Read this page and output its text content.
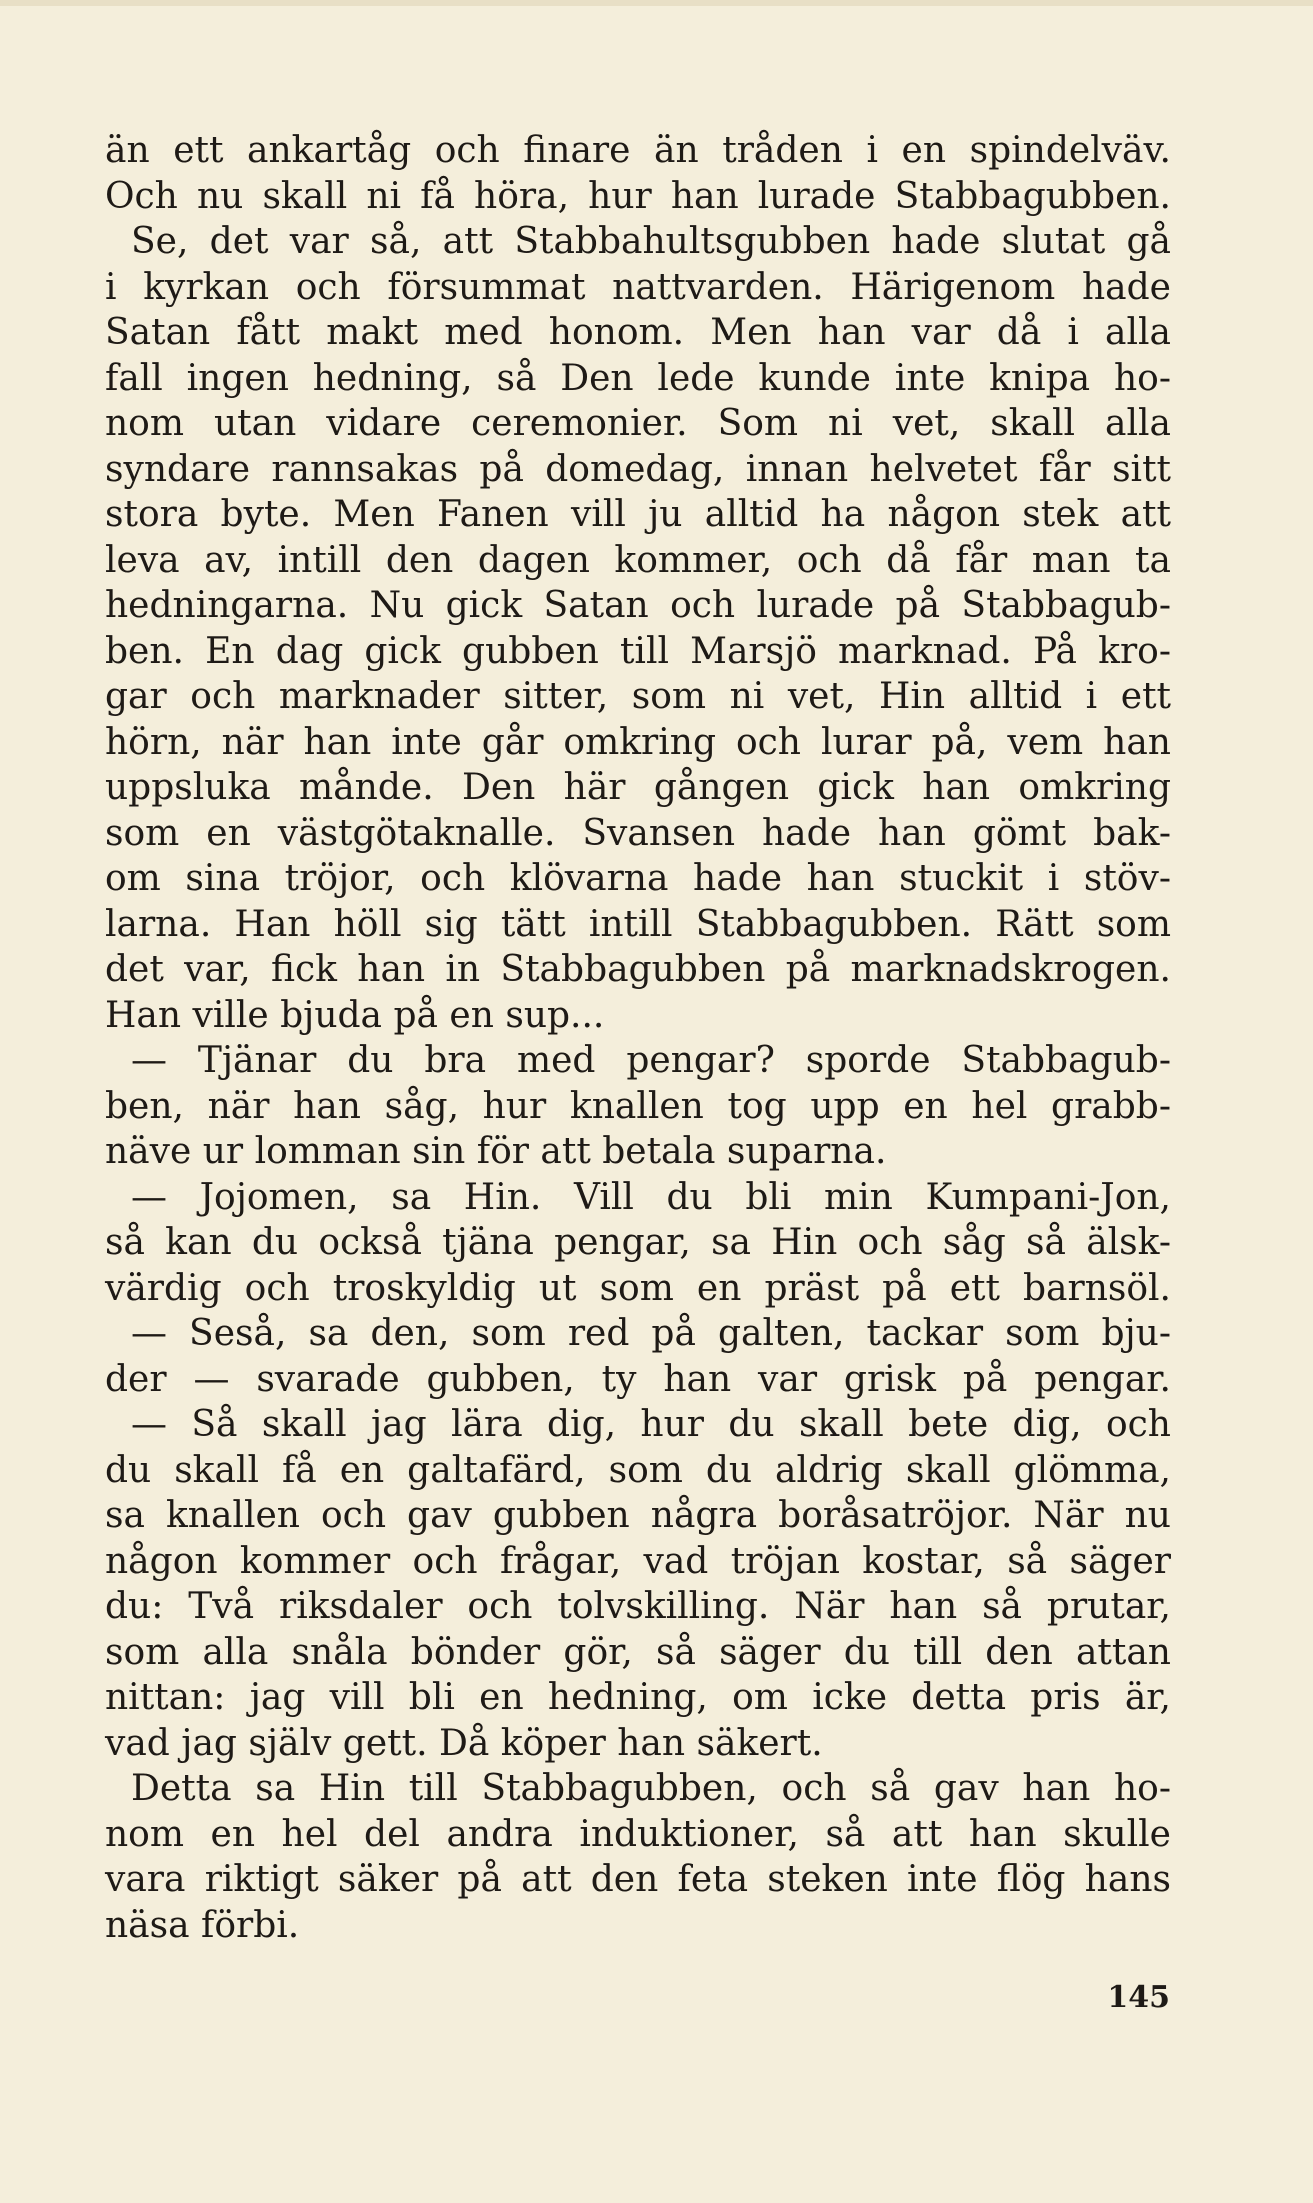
än ett ankartåg och finare än tråden i en spindelväv.
Och nu skall ni få höra, hur han lurade Stabbagubben.
Se, det var så, att Stabbahultsgubben hade slutat gå
i kyrkan och försummat nattvarden. Härigenom hade
Satan fått makt med honom. Men han var då i alla
fall ingen hedning, så Den lede kunde inte knipa ho-
nom utan vidare ceremonier. Som ni vet, skall alla
syndare rannsakas på domedag, innan helvetet får sitt
stora byte. Men Fanen vill ju alltid ha någon stek att
leva av, intill den dagen kommer, och då får man ta
hedningarna. Nu gick Satan och lurade på Stabbagub-
ben. En dag gick gubben till Marsjö marknad. På kro-
gar och marknader sitter, som ni vet, Hin alltid i ett
hörn, när han inte går omkring och lurar på, vem han
uppsluka månde. Den här gången gick han omkring
som en västgötaknalle. Svansen hade han gömt bak-
om sina tröjor, och klövarna hade han stuckit i stöv-
larna. Han höll sig tätt intill Stabbagubben. Rätt som
det var, fick han in Stabbagubben på marknadskrogen.
Han ville bjuda på en sup...
— Tjänar du bra med pengar? sporde Stabbagub-
ben, när han såg, hur knallen tog upp en hel grabb-
näve ur lomman sin för att betala suparna.
— Jojomen, sa Hin. Vill du bli min Kumpani-Jon,
så kan du också tjäna pengar, sa Hin och såg så älsk-
värdig och troskyldig ut som en präst på ett barnsöl.
— Seså, sa den, som red på galten, tackar som bju-
der — svarade gubben, ty han var grisk på pengar.
— Så skall jag lära dig, hur du skall bete dig, och
du skall få en galtafärd, som du aldrig skall glömma,
sa knallen och gav gubben några boråsatröjor. När nu
någon kommer och frågar, vad tröjan kostar, så säger
du: Två riksdaler och tolvskilling. När han så prutar,
som alla snåla bönder gör, så säger du till den attan
nittan: jag vill bli en hedning, om icke detta pris är,
vad jag själv gett. Då köper han säkert.
Detta sa Hin till Stabbagubben, och så gav han ho-
nom en hel del andra induktioner, så att han skulle
vara riktigt säker på att den feta steken inte flög hans
näsa förbi.
145
